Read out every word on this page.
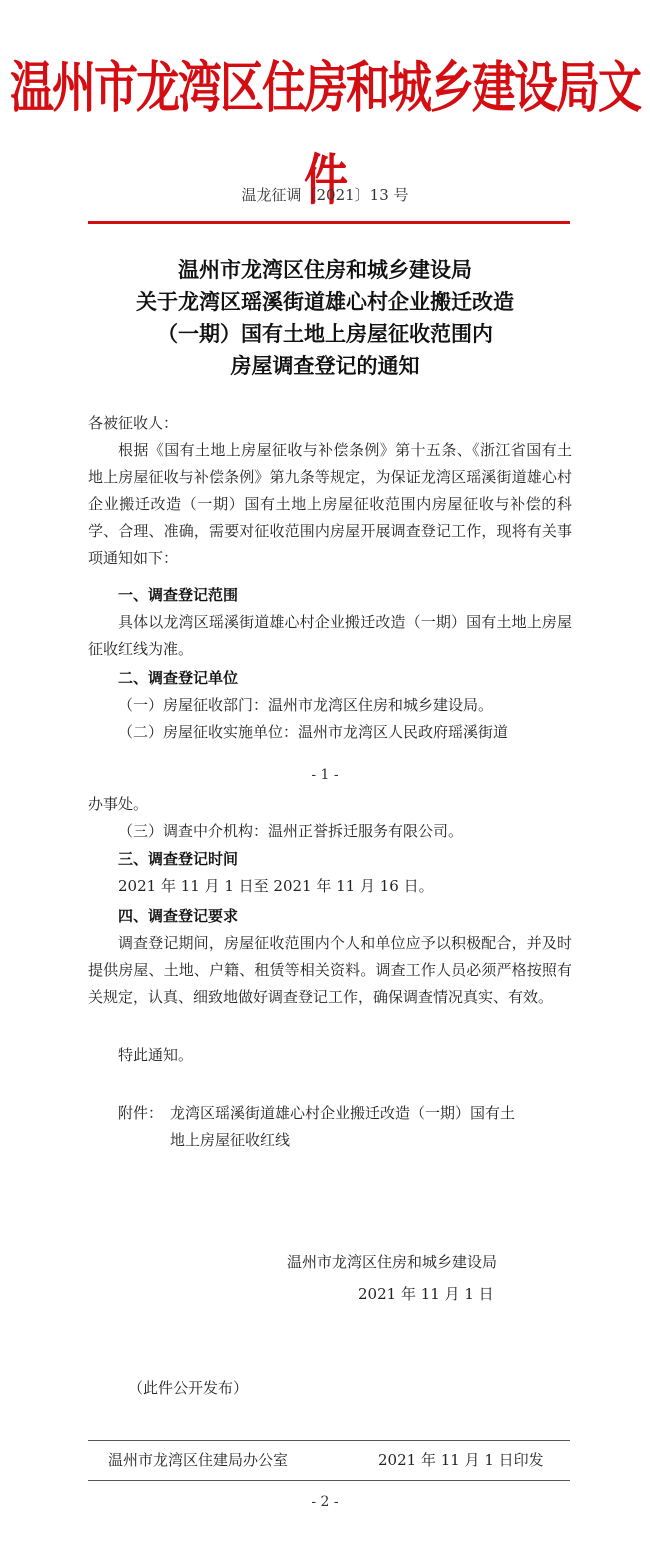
温州市龙湾区住房和城乡建设局文件
温龙征调〔2021〕13 号
温州市龙湾区住房和城乡建设局
关于龙湾区瑶溪街道雄心村企业搬迁改造
（一期）国有土地上房屋征收范围内
房屋调查登记的通知
各被征收人：
根据《国有土地上房屋征收与补偿条例》第十五条、《浙江省国有土地上房屋征收与补偿条例》第九条等规定，为保证龙湾区瑶溪街道雄心村企业搬迁改造（一期）国有土地上房屋征收范围内房屋征收与补偿的科学、合理、准确，需要对征收范围内房屋开展调查登记工作，现将有关事项通知如下：
一、调查登记范围
具体以龙湾区瑶溪街道雄心村企业搬迁改造（一期）国有土地上房屋征收红线为准。
二、调查登记单位
（一）房屋征收部门：温州市龙湾区住房和城乡建设局。
（二）房屋征收实施单位：温州市龙湾区人民政府瑶溪街道
- 1 -
办事处。
（三）调查中介机构：温州正誉拆迁服务有限公司。
三、调查登记时间
2021 年 11 月 1 日至 2021 年 11 月 16 日。
四、调查登记要求
调查登记期间，房屋征收范围内个人和单位应予以积极配合，并及时提供房屋、土地、户籍、租赁等相关资料。调查工作人员必须严格按照有关规定，认真、细致地做好调查登记工作，确保调查情况真实、有效。
特此通知。
附件： 龙湾区瑶溪街道雄心村企业搬迁改造（一期）国有土
地上房屋征收红线
温州市龙湾区住房和城乡建设局
2021 年 11 月 1 日
（此件公开发布）
温州市龙湾区住建局办公室	2021 年 11 月 1 日印发
- 2 -
